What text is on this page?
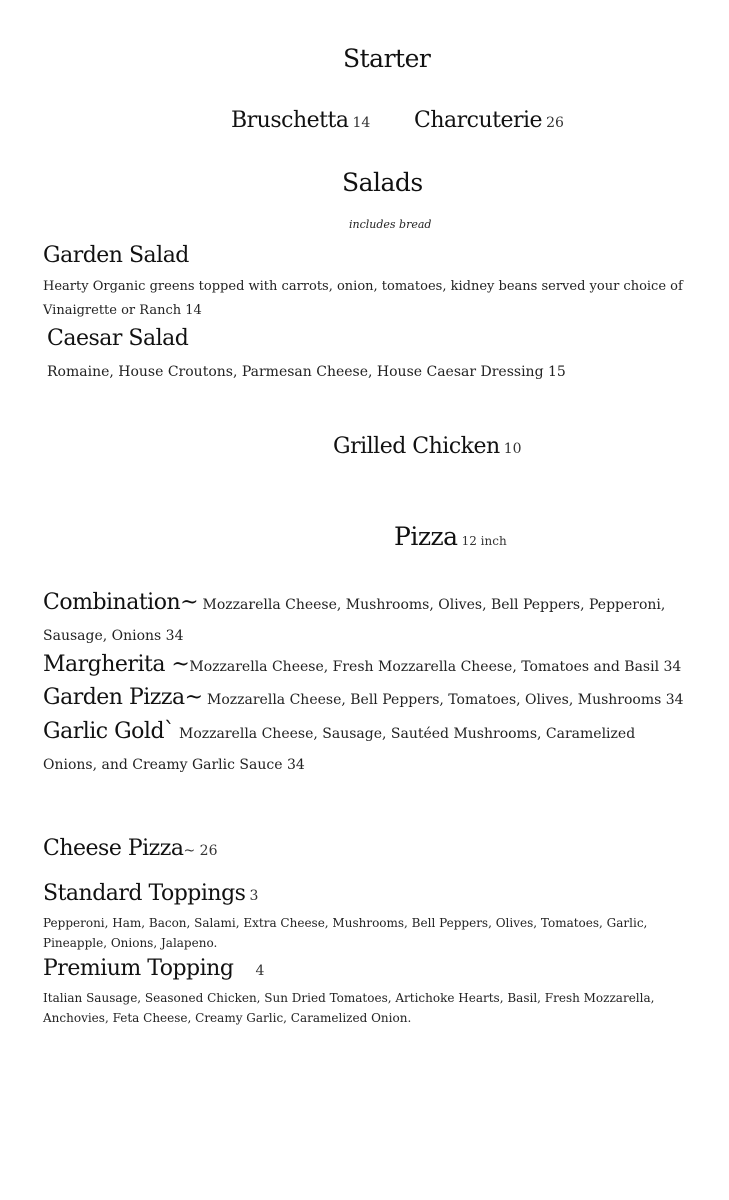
Starter
Bruschetta 14 Charcuterie 26
Salads
includes bread
Garden Salad
Hearty Organic greens topped with carrots, onion, tomatoes, kidney beans served your choice of
Vinaigrette or Ranch 14
Caesar Salad
Romaine, House Croutons, Parmesan Cheese, House Caesar Dressing 15
Grilled Chicken 10
Pizza 12 inch
Combination~ Mozzarella Cheese, Mushrooms, Olives, Bell Peppers, Pepperoni, Sausage, Onions 34
Margherita ~Mozzarella Cheese, Fresh Mozzarella Cheese, Tomatoes and Basil 34
Garden Pizza~ Mozzarella Cheese, Bell Peppers, Tomatoes, Olives, Mushrooms 34
Garlic Gold` Mozzarella Cheese, Sausage, Sautéed Mushrooms, Caramelized Onions, and Creamy Garlic Sauce 34
Cheese Pizza~ 26
Standard Toppings 3
Pepperoni, Ham, Bacon, Salami, Extra Cheese, Mushrooms, Bell Peppers, Olives, Tomatoes, Garlic, Pineapple, Onions, Jalapeno.
Premium Topping 4
Italian Sausage, Seasoned Chicken, Sun Dried Tomatoes, Artichoke Hearts, Basil, Fresh Mozzarella, Anchovies, Feta Cheese, Creamy Garlic, Caramelized Onion.
